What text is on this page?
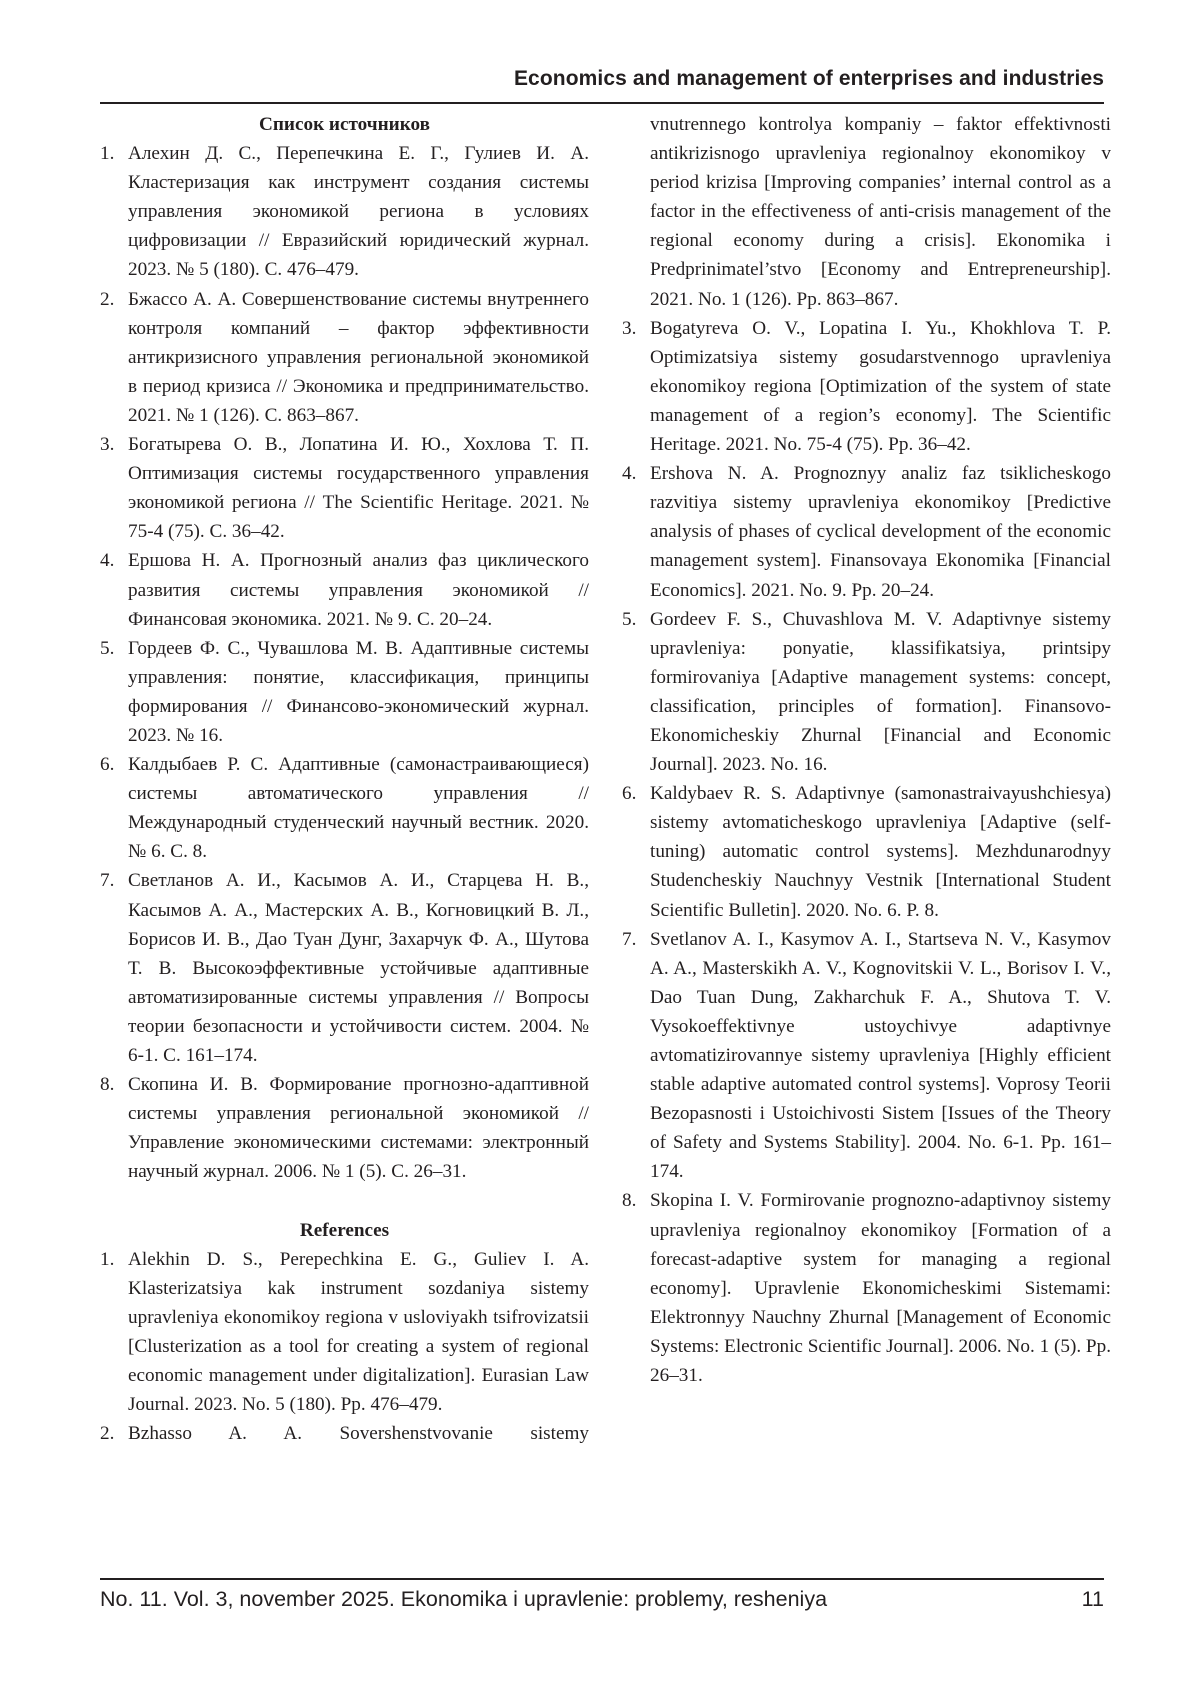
Economics and management of enterprises and industries
Список источников
1. Алехин Д. С., Перепечкина Е. Г., Гулиев И. А. Кластеризация как инструмент создания системы управления экономикой региона в условиях цифровизации // Евразийский юридический журнал. 2023. № 5 (180). С. 476–479.
2. Бжассо А. А. Совершенствование системы внутреннего контроля компаний – фактор эффективности антикризисного управления региональной экономикой в период кризиса // Экономика и предпринимательство. 2021. № 1 (126). С. 863–867.
3. Богатырева О. В., Лопатина И. Ю., Хохлова Т. П. Оптимизация системы государственного управления экономикой региона // The Scientific Heritage. 2021. № 75-4 (75). С. 36–42.
4. Ершова Н. А. Прогнозный анализ фаз циклического развития системы управления экономикой // Финансовая экономика. 2021. № 9. С. 20–24.
5. Гордеев Ф. С., Чувашлова М. В. Адаптивные системы управления: понятие, классификация, принципы формирования // Финансово-экономический журнал. 2023. № 16.
6. Калдыбаев Р. С. Адаптивные (самонастраивающиеся) системы автоматического управления // Международный студенческий научный вестник. 2020. № 6. С. 8.
7. Светланов А. И., Касымов А. И., Старцева Н. В., Касымов А. А., Мастерских А. В., Когновицкий В. Л., Борисов И. В., Дао Туан Дунг, Захарчук Ф. А., Шутова Т. В. Высокоэффективные устойчивые адаптивные автоматизированные системы управления // Вопросы теории безопасности и устойчивости систем. 2004. № 6-1. С. 161–174.
8. Скопина И. В. Формирование прогнозно-адаптивной системы управления региональной экономикой // Управление экономическими системами: электронный научный журнал. 2006. № 1 (5). С. 26–31.
References
1. Alekhin D. S., Perepechkina E. G., Guliev I. A. Klasterizatsiya kak instrument sozdaniya sistemy upravleniya ekonomikoy regiona v usloviyakh tsifrovizatsii [Clusterization as a tool for creating a system of regional economic management under digitalization]. Eurasian Law Journal. 2023. No. 5 (180). Pp. 476–479.
2. Bzhasso A. A. Sovershenstvovanie sistemy
vnutrennego kontrolya kompaniy – faktor effektivnosti antikrizisnogo upravleniya regionalnoy ekonomikoy v period krizisa [Improving companies’ internal control as a factor in the effectiveness of anti-crisis management of the regional economy during a crisis]. Ekonomika i Predprinimatel’stvo [Economy and Entrepreneurship]. 2021. No. 1 (126). Pp. 863–867.
3. Bogatyreva O. V., Lopatina I. Yu., Khokhlova T. P. Optimizatsiya sistemy gosudarstvennogo upravleniya ekonomikoy regiona [Optimization of the system of state management of a region’s economy]. The Scientific Heritage. 2021. No. 75-4 (75). Pp. 36–42.
4. Ershova N. A. Prognoznyy analiz faz tsiklicheskogo razvitiya sistemy upravleniya ekonomikoy [Predictive analysis of phases of cyclical development of the economic management system]. Finansovaya Ekonomika [Financial Economics]. 2021. No. 9. Pp. 20–24.
5. Gordeev F. S., Chuvashlova M. V. Adaptivnye sistemy upravleniya: ponyatie, klassifikatsiya, printsipy formirovaniya [Adaptive management systems: concept, classification, principles of formation]. Finansovo-Ekonomicheskiy Zhurnal [Financial and Economic Journal]. 2023. No. 16.
6. Kaldybaev R. S. Adaptivnye (samonastraivayushchiesya) sistemy avtomaticheskogo upravleniya [Adaptive (self-tuning) automatic control systems]. Mezhdunarodnyy Studencheskiy Nauchnyy Vestnik [International Student Scientific Bulletin]. 2020. No. 6. P. 8.
7. Svetlanov A. I., Kasymov A. I., Startseva N. V., Kasymov A. A., Masterskikh A. V., Kognovitskii V. L., Borisov I. V., Dao Tuan Dung, Zakharchuk F. A., Shutova T. V. Vysokoeffektivnye ustoychivye adaptivnye avtomatizirovannye sistemy upravleniya [Highly efficient stable adaptive automated control systems]. Voprosy Teorii Bezopasnosti i Ustoichivosti Sistem [Issues of the Theory of Safety and Systems Stability]. 2004. No. 6-1. Pp. 161–174.
8. Skopina I. V. Formirovanie prognozno-adaptivnoy sistemy upravleniya regionalnoy ekonomikoy [Formation of a forecast-adaptive system for managing a regional economy]. Upravlenie Ekonomicheskimi Sistemami: Elektronnyy Nauchny Zhurnal [Management of Economic Systems: Electronic Scientific Journal]. 2006. No. 1 (5). Pp. 26–31.
No. 11. Vol. 3, november 2025. Ekonomika i upravlenie: problemy, resheniya	11
